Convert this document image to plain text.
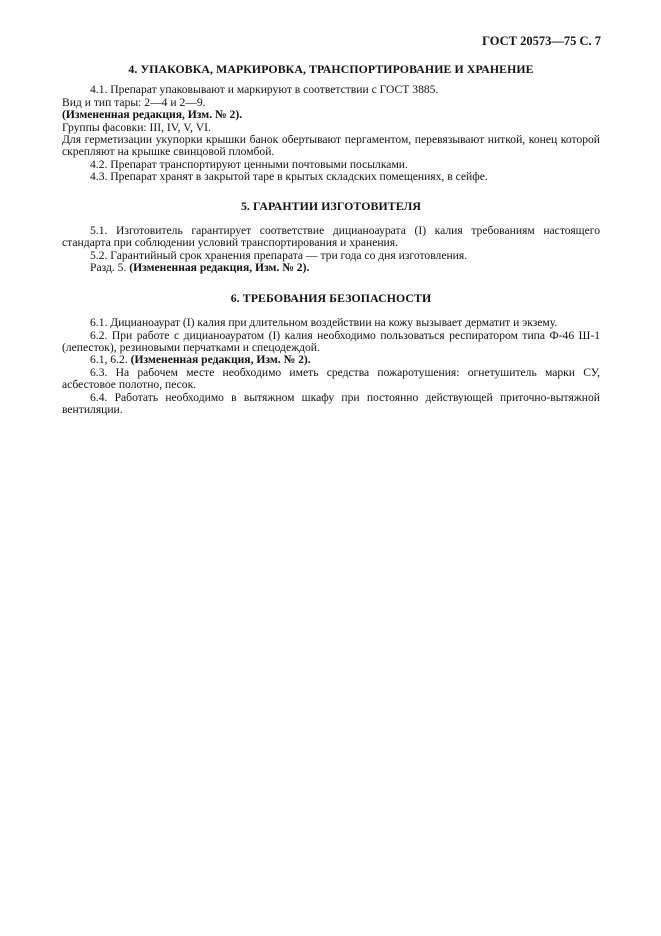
ГОСТ 20573—75 С. 7
4. УПАКОВКА, МАРКИРОВКА, ТРАНСПОРТИРОВАНИЕ И ХРАНЕНИЕ

4.1. Препарат упаковывают и маркируют в соответствии с ГОСТ 3885.

Вид и тип тары: 2—4 и 2—9.

(Измененная редакция, Изм. № 2).

Группы фасовки: III, IV, V, VI.

Для герметизации укупорки крышки банок обертывают пергаментом, перевязывают ниткой, конец которой скрепляют на крышке свинцовой пломбой.

4.2. Препарат транспортируют ценными почтовыми посылками.

4.3. Препарат хранят в закрытой таре в крытых складских помещениях, в сейфе.

5. ГАРАНТИИ ИЗГОТОВИТЕЛЯ

5.1. Изготовитель гарантирует соответствие дицианоаурата (I) калия требованиям настоящего стандарта при соблюдении условий транспортирования и хранения.

5.2. Гарантийный срок хранения препарата — три года со дня изготовления.

Разд. 5. (Измененная редакция, Изм. № 2).

6. ТРЕБОВАНИЯ БЕЗОПАСНОСТИ

6.1. Дицианоаурат (I) калия при длительном воздействии на кожу вызывает дерматит и экзему.

6.2. При работе с дицианоауратом (I) калия необходимо пользоваться респиратором типа Ф-46 Ш-1 (лепесток), резиновыми перчатками и спецодеждой.

6.1, 6.2. (Измененная редакция, Изм. № 2).

6.3. На рабочем месте необходимо иметь средства пожаротушения: огнетушитель марки СУ, асбестовое полотно, песок.

6.4. Работать необходимо в вытяжном шкафу при постоянно действующей приточно-вытяжной вентиляции.
